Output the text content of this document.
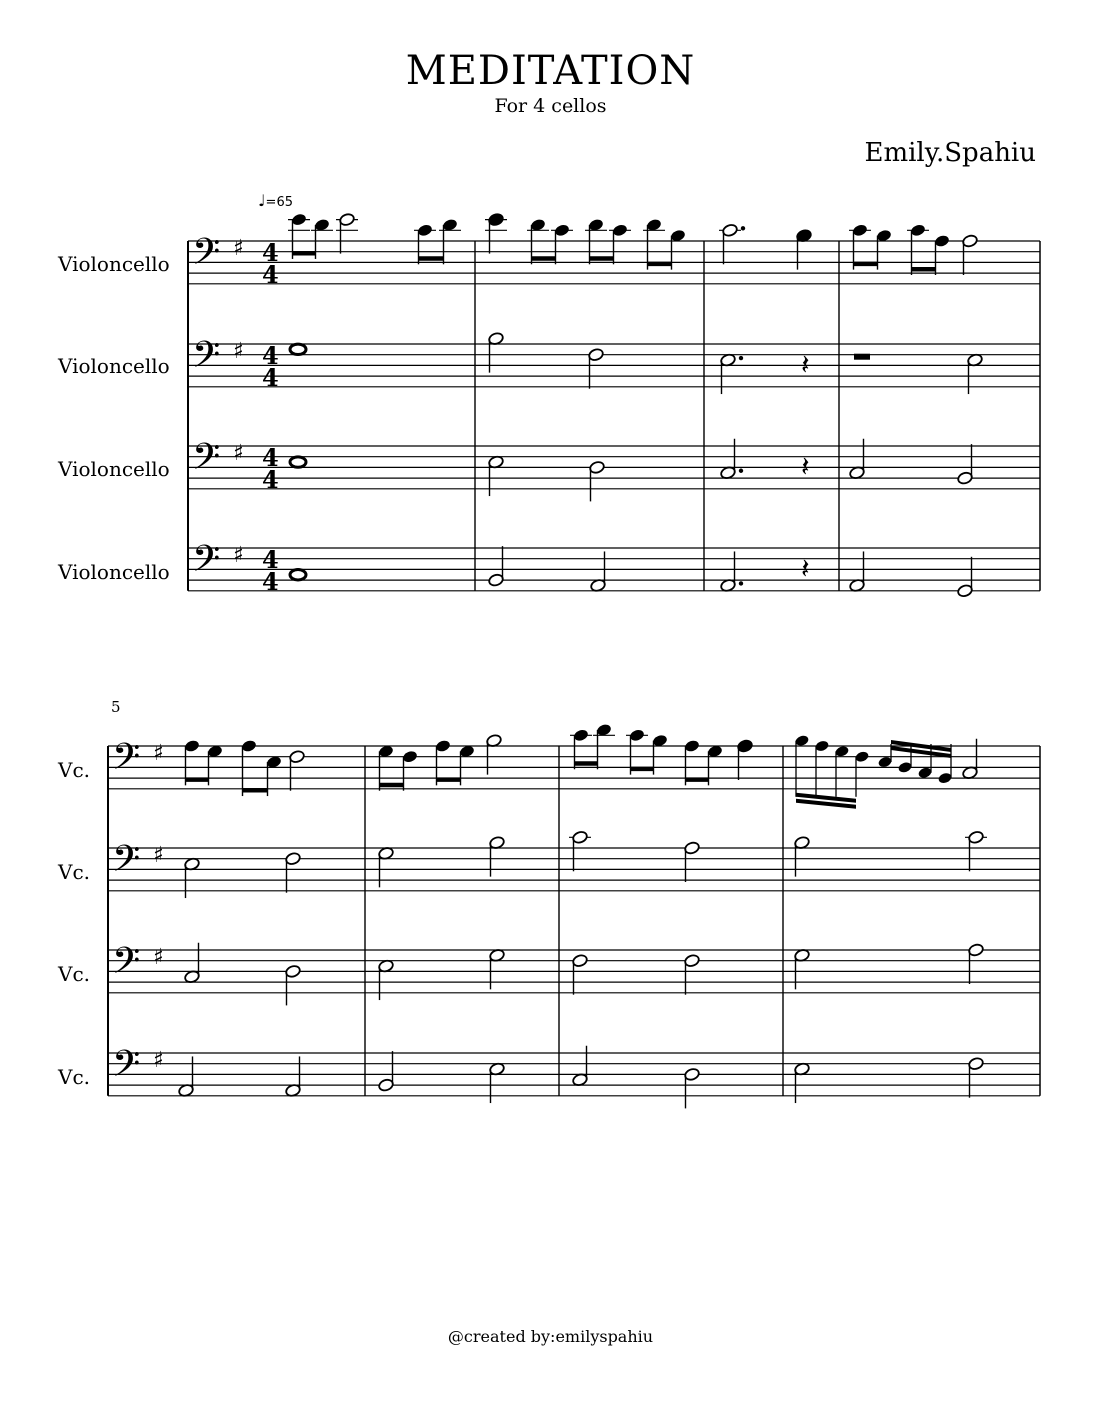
MEDITATION
For 4 cellos
Emily.Spahiu
♩=65
Violoncello
Violoncello
Violoncello
Violoncello
5
Vc.
Vc.
Vc.
Vc.
𝄢 ♯ 4
4
𝄢 ♯ 4
4
𝄢 ♯ 4
4
𝄢 ♯ 4
4
𝄽
𝄽
𝄽
𝄢 ♯
𝄢 ♯
𝄢 ♯
𝄢 ♯
@created by:emilyspahiu
